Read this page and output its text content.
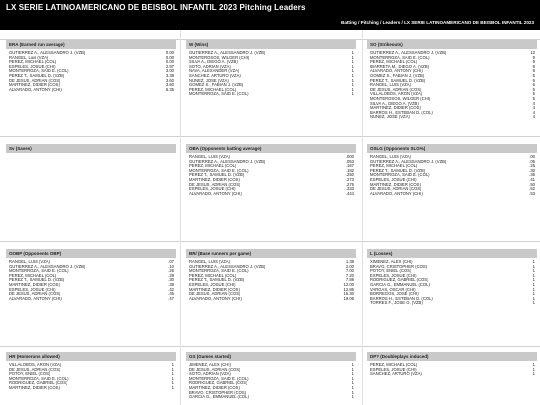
LX SERIE LATINOAMERICANO DE BEISBOL INFANTIL 2023 Pitching Leaders
Batting / Pitching / Leaders / LX SERIE LATINOAMERICANO DE BEISBOL INFANTIL 2023
ERA (Earned run average)
GUTIERREZ A., ALESSANDRO J. (VZB)	0.00
RANGEL, Luis (VZA)	0.00
PEREZ, MICHAEL (COL)	0.00
ESPELES, JOSUE (CHI)	2.97
MONTERROZA, SAID E. (COL)	3.00
PEREZ T., SAMUEL D. (VZB)	3.38
DE JESUS, ADRIAN (COS)	3.60
MARTINEZ, DIDIER (COS)	3.60
ALVARADO, ANTONY (CHI)	6.35
W (Wins)
GUTIERREZ A., ALESSANDRO J. (VZB)	1
MONTEROSOS, WILGER (CHI)	1
SILVA A., DIEGO A. (VZB)	1
SOTO, ADRIAN (VZA)	1
NAVA, ALEXANDER (VZA)	1
SANCHEZ, ARTURO (VZA)	1
NUÑEZ, JOSE (VZA)	1
GOMEZ S., FABIAN J. (VZB)	1
PEREZ, MICHAEL (COL)	1
MONTERROZA, SAID E. (COL)	1
SO (Strikeouts)
GUTIERREZ A., ALESSANDRO J. (VZB)	12
MONTERROZA, SAID E. (COL)	9
PEREZ, MICHAEL (COL)	9
IBARRETA M., DIEGO A. (VZB)	9
ALVARADO, ANTONY (CHI)	8
GOMEZ S., FABIAN J. (VZB)	6
PEREZ T., SAMUEL D. (VZB)	6
RANGEL, LUIS (VZA)	6
DE JESUS, ADRIAN (COS)	6
VILLALOBOS, ARON (VZA)	5
MONTEROSOS, WILGER (CHI)	5
SILVA A., DIEGO A. (VZB)	4
MARTINEZ, DIDIER (COS)	4
BARROS H., ESTEBAN D. (COL)	4
NUÑEZ, JOSE (VZA)	4
Sv (Saves)	OBA (Opponents batting average)
RANGEL, LUIS (VZA)	.000
GUTIERREZ A., ALESSANDRO J. (VZB)	.053
PEREZ, MICHAEL (COL)	.167
MONTERROZA, SAID E. (COL)	.182
PEREZ T., SAMUEL D. (VZB)	.250
MARTINEZ, DIDIER (COS)	.273
DE JESUS, ADRIAN (COS)	.276
ESPELES, JOSUE (CHI)	.333
ALVARADO, ANTONY (CHI)	.444
OSLG (Opponents SLG%)
RANGEL, LUIS (VZA)	.00
GUTIERREZ A., ALESSANDRO J. (VZB)	.05
PEREZ, MICHAEL (COL)	.25
PEREZ T., SAMUEL D. (VZB)	.30
MONTERROZA, SAID E. (COL)	.36
ESPELES, JOSUE (CHI)	.41
MARTINEZ, DIDIER (COS)	.50
DE JESUS, ADRIAN (COS)	.52
ALVARADO, ANTONY (CHI)	.53
OOBP (Opponents OBP)
RANGEL, LUIS (VZA)	.07
GUTIERREZ A., ALESSANDRO J. (VZB)	.10
MONTERROZA, SAID E. (COL)	.26
PEREZ, MICHAEL (COL)	.29
PEREZ T., SAMUEL D. (VZB)	.30
MARTINEZ, DIDIER (COS)	.38
ESPELES, JOSUE (CHI)	.42
DE JESUS, ADRIAN (COS)	.45
ALVARADO, ANTONY (CHI)	.47
BR/ (Base runners per game)
RANGEL, LUIS (VZA)	1.38
GUTIERREZ A., ALESSANDRO J. (VZB)	2.00
MONTERROZA, SAID E. (COL)	7.00
PEREZ, MICHAEL (COL)	7.20
PEREZ T., SAMUEL D. (VZB)	7.88
ESPELES, JOSUE (CHI)	12.00
MARTINEZ, DIDIER (COS)	12.86
DE JESUS, ADRIAN (COS)	15.30
ALVARADO, ANTONY (CHI)	19.06
L (Losses)
XIMENEZ, ALEX (CHI)	1
BRAVO, CRISTOPHER (COS)	1
POTOY, ENIEL (COS)	1
ESPELES, JOSUE (CHI)	1
RODRIGUEZ, GABRIEL (COS)	1
GARCIA G., EMMANUEL (COL)	1
VARGAS, OSCAR (CHI)	1
BORREGOS, JOSE (CHI)	1
BARROS H., ESTEBAN D. (COL)	1
TORRES F., JOSE G. (VZB)	1
HR (Homeruns allowed)
VILLALOBOS, ARON (VZA)	1
DE JESUS, ADRIAN (COS)	1
POTOY, ENIEL (COS)	1
MONTERROZA, SAID E. (COL)	1
RODRIGUEZ, GABRIEL (COS)	1
MARTINEZ, DIDIER (COS)	1
GS (Games started)
JIMENEZ, ALEX (CHI)	1
DE JESUS, ADRIAN (COS)	1
SOTO, ADRIAN (VZA)	1
MONTERROZA, SAID E. (COL)	1
RODRIGUEZ, GABRIEL (COS)	1
MARTINEZ, DIDIER (COS)	1
BRAVO, CRISTOPHER (COS)	1
GARCIA G., EMMANUEL (COL)	1
DP? (Doubleplays induced)
PEREZ, MICHAEL (COL)	1
ESPELES, JOSUE (CHI)	1
SANCHEZ, ARTURO (VZA)	1
